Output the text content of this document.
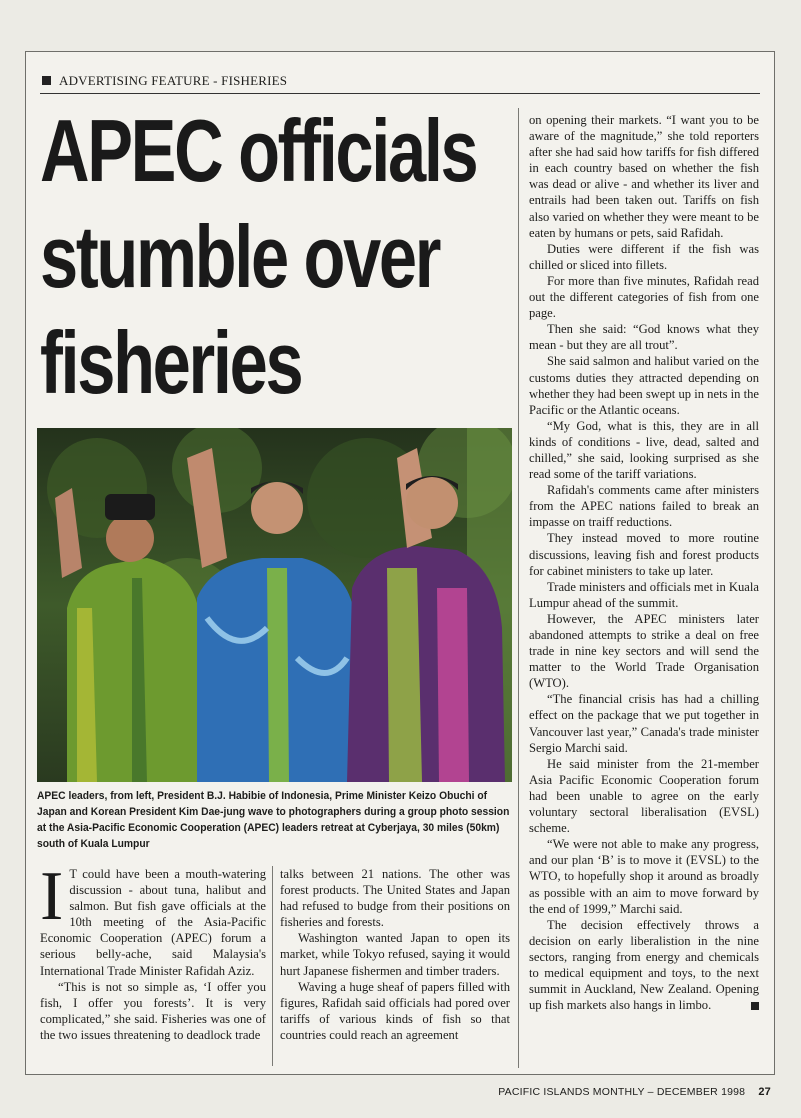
ADVERTISING FEATURE - FISHERIES
APEC officials
stumble over
fisheries
APEC leaders, from left, President B.J. Habibie of Indonesia, Prime Minister Keizo Obuchi of Japan and Korean President Kim Dae-jung wave to photographers during a group photo session at the Asia-Pacific Economic Cooperation (APEC) leaders retreat at Cyberjaya, 30 miles (50km) south of Kuala Lumpur
I T could have been a mouth-watering discussion - about tuna, halibut and salmon. But fish gave officials at the 10th meeting of the Asia-Pacific Economic Cooperation (APEC) forum a serious belly-ache, said Malaysia's International Trade Minister Rafidah Aziz.

“This is not so simple as, ‘I offer you fish, I offer you forests’. It is very complicated,” she said. Fisheries was one of the two issues threatening to deadlock trade

talks between 21 nations. The other was forest products. The United States and Japan had refused to budge from their positions on fisheries and forests.

Washington wanted Japan to open its market, while Tokyo refused, saying it would hurt Japanese fishermen and timber traders.

Waving a huge sheaf of papers filled with figures, Rafidah said officials had pored over tariffs of various kinds of fish so that countries could reach an agreement

on opening their markets. “I want you to be aware of the magnitude,” she told reporters after she had said how tariffs for fish differed in each country based on whether the fish was dead or alive - and whether its liver and entrails had been taken out. Tariffs on fish also varied on whether they were meant to be eaten by humans or pets, said Rafidah.

Duties were different if the fish was chilled or sliced into fillets.

For more than five minutes, Rafidah read out the different categories of fish from one page.

Then she said: “God knows what they mean - but they are all trout”.

She said salmon and halibut varied on the customs duties they attracted depending on whether they had been swept up in nets in the Pacific or the Atlantic oceans.

“My God, what is this, they are in all kinds of conditions - live, dead, salted and chilled,” she said, looking surprised as she read some of the tariff variations.

Rafidah's comments came after ministers from the APEC nations failed to break an impasse on traiff reductions.

They instead moved to more routine discussions, leaving fish and forest products for cabinet ministers to take up later.

Trade ministers and officials met in Kuala Lumpur ahead of the summit.

However, the APEC ministers later abandoned attempts to strike a deal on free trade in nine key sectors and will send the matter to the World Trade Organisation (WTO).

“The financial crisis has had a chilling effect on the package that we put together in Vancouver last year,” Canada's trade minister Sergio Marchi said.

He said minister from the 21-member Asia Pacific Economic Cooperation forum had been unable to agree on the early voluntary sectoral liberalisation (EVSL) scheme.

“We were not able to make any progress, and our plan ‘B’ is to move it (EVSL) to the WTO, to hopefully shop it around as broadly as possible with an aim to move forward by the end of 1999,” Marchi said.

The decision effectively throws a decision on early liberalistion in the nine sectors, ranging from energy and chemicals to medical equipment and toys, to the next summit in Auckland, New Zealand. Opening up fish markets also hangs in limbo.

PACIFIC ISLANDS MONTHLY – DECEMBER 1998 27
